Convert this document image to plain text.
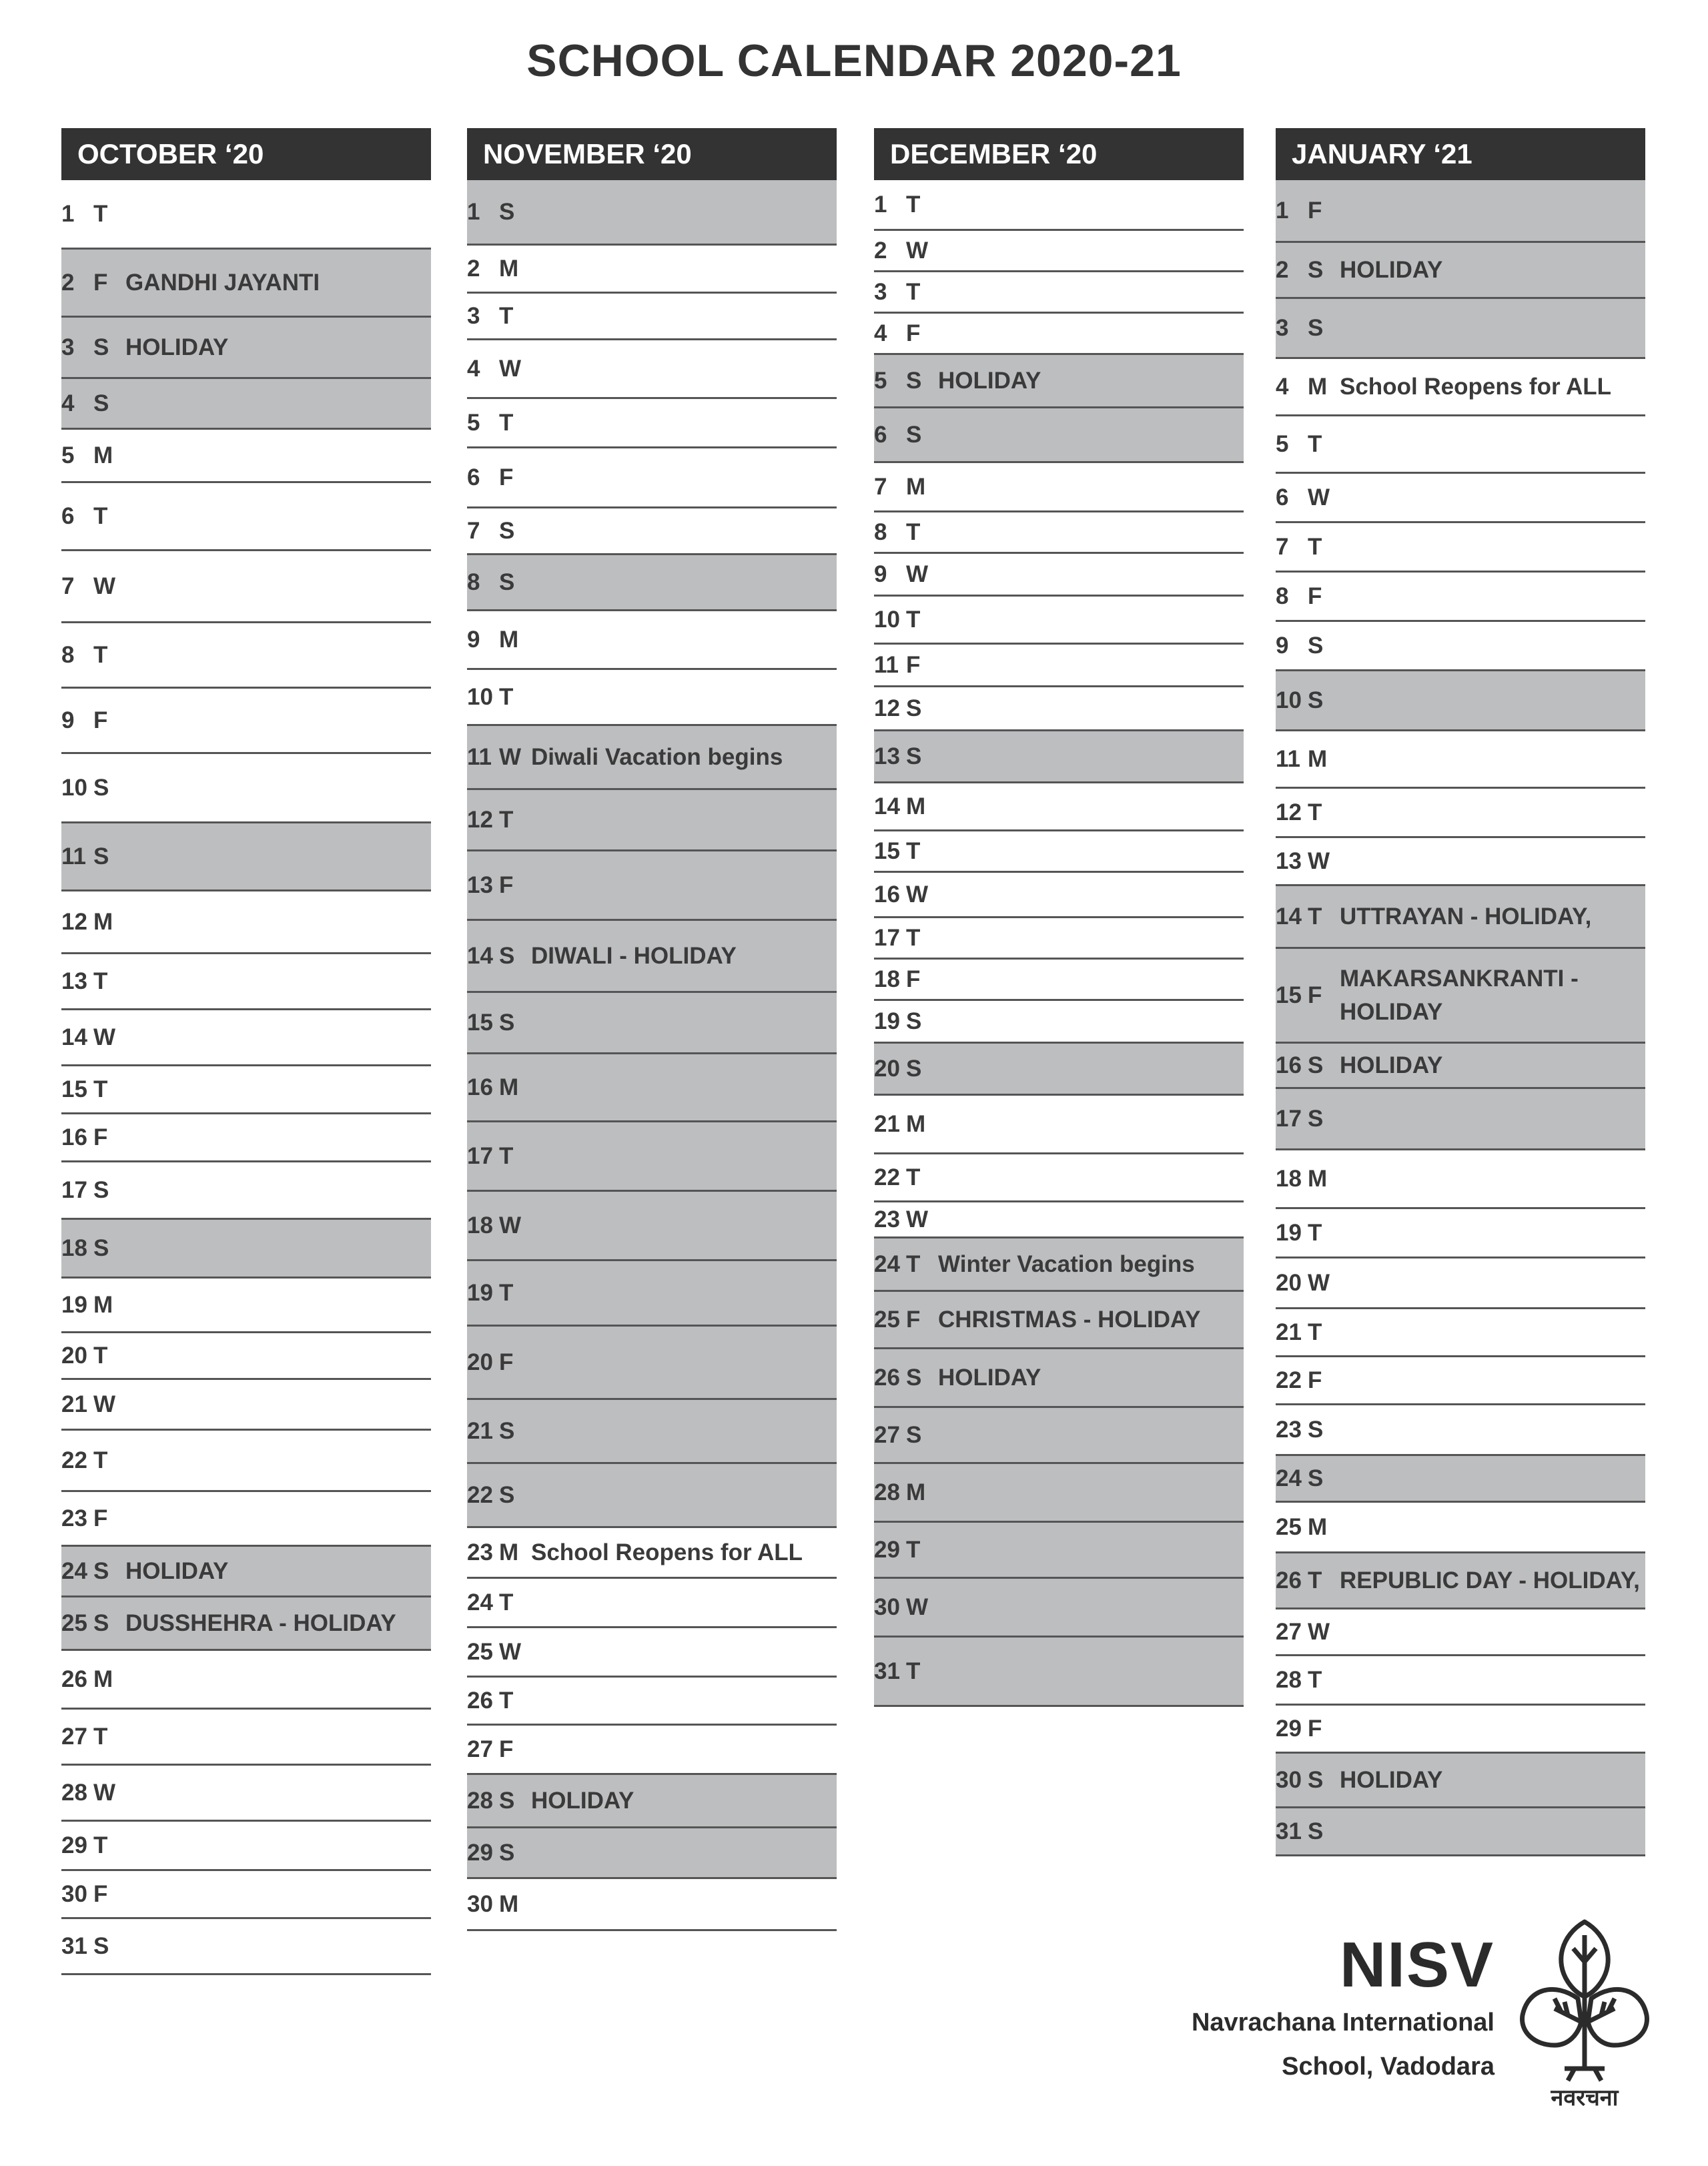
SCHOOL CALENDAR 2020-21
OCTOBER ‘20
1 T
2 F GANDHI JAYANTI
3 S HOLIDAY
4 S
5 M
6 T
7 W
8 T
9 F
10 S
11 S
12 M
13 T
14 W
15 T
16 F
17 S
18 S
19 M
20 T
21 W
22 T
23 F
24 S HOLIDAY
25 S DUSSHEHRA - HOLIDAY
26 M
27 T
28 W
29 T
30 F
31 S
NOVEMBER ‘20
1 S
2 M
3 T
4 W
5 T
6 F
7 S
8 S
9 M
10 T
11 W Diwali Vacation begins
12 T
13 F
14 S DIWALI - HOLIDAY
15 S
16 M
17 T
18 W
19 T
20 F
21 S
22 S
23 M School Reopens for ALL
24 T
25 W
26 T
27 F
28 S HOLIDAY
29 S
30 M
DECEMBER ‘20
1 T
2 W
3 T
4 F
5 S HOLIDAY
6 S
7 M
8 T
9 W
10 T
11 F
12 S
13 S
14 M
15 T
16 W
17 T
18 F
19 S
20 S
21 M
22 T
23 W
24 T Winter Vacation begins
25 F CHRISTMAS - HOLIDAY
26 S HOLIDAY
27 S
28 M
29 T
30 W
31 T
JANUARY ‘21
1 F
2 S HOLIDAY
3 S
4 M School Reopens for ALL
5 T
6 W
7 T
8 F
9 S
10 S
11 M
12 T
13 W
14 T UTTRAYAN - HOLIDAY,
15 F
MAKARSANKRANTI - HOLIDAY
16 S HOLIDAY
17 S
18 M
19 T
20 W
21 T
22 F
23 S
24 S
25 M
26 T REPUBLIC DAY - HOLIDAY,
27 W
28 T
29 F
30 S HOLIDAY
31 S
NISV
Navrachana International
School, Vadodara
नवरचना
